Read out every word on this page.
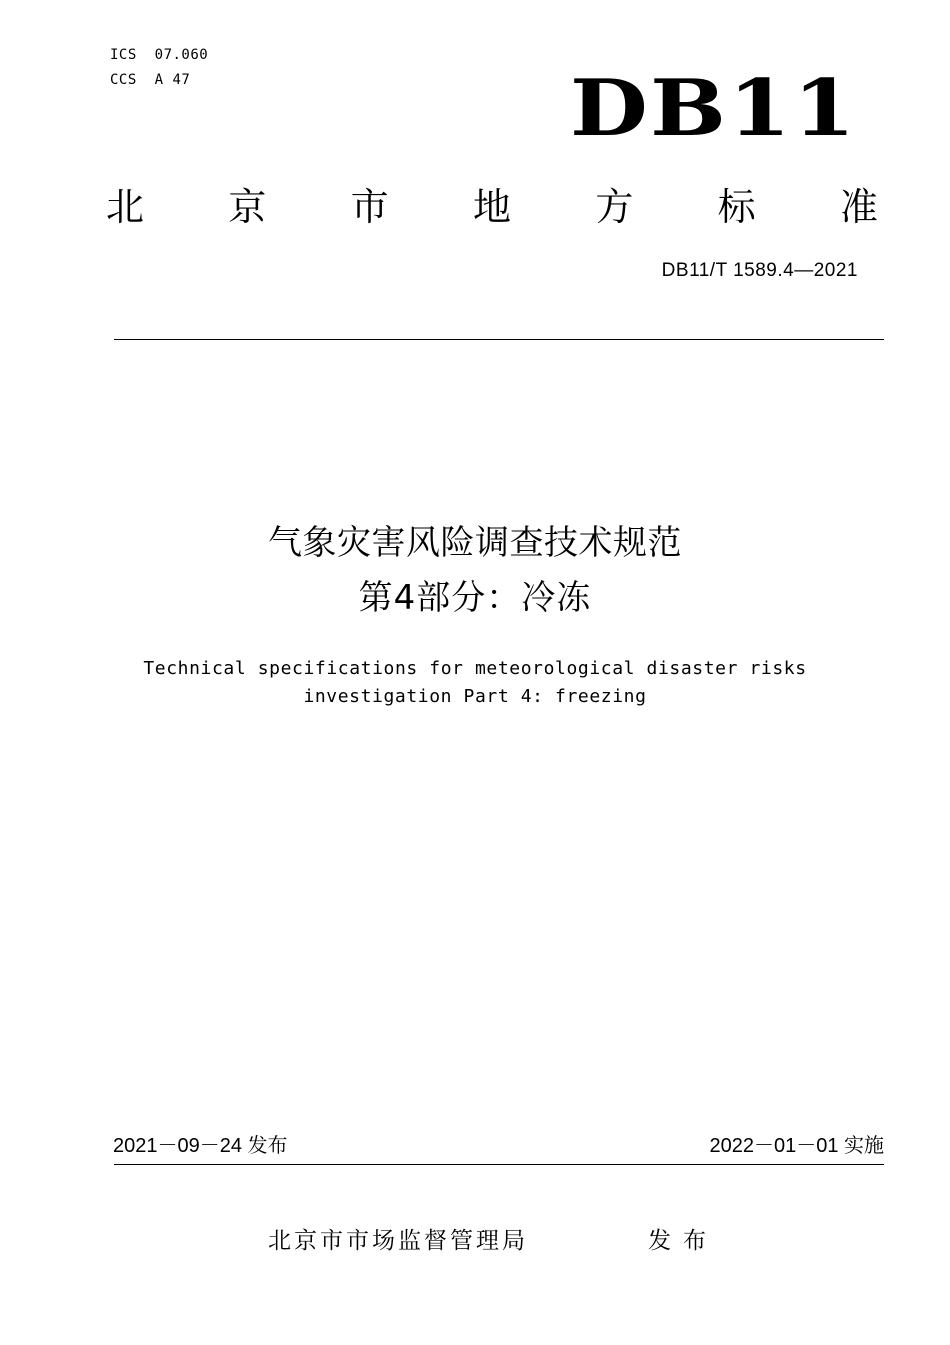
ICS  07.060
CCS  A 47	DB11
北 京 市 地 方 标 准
DB11/T 1589.4—2021
气象灾害风险调查技术规范
第4部分：冷冻
Technical specifications for meteorological disaster risks
investigation Part 4: freezing
2021－09－24 发布	2022－01－01 实施
北京市市场监督管理局	发布
